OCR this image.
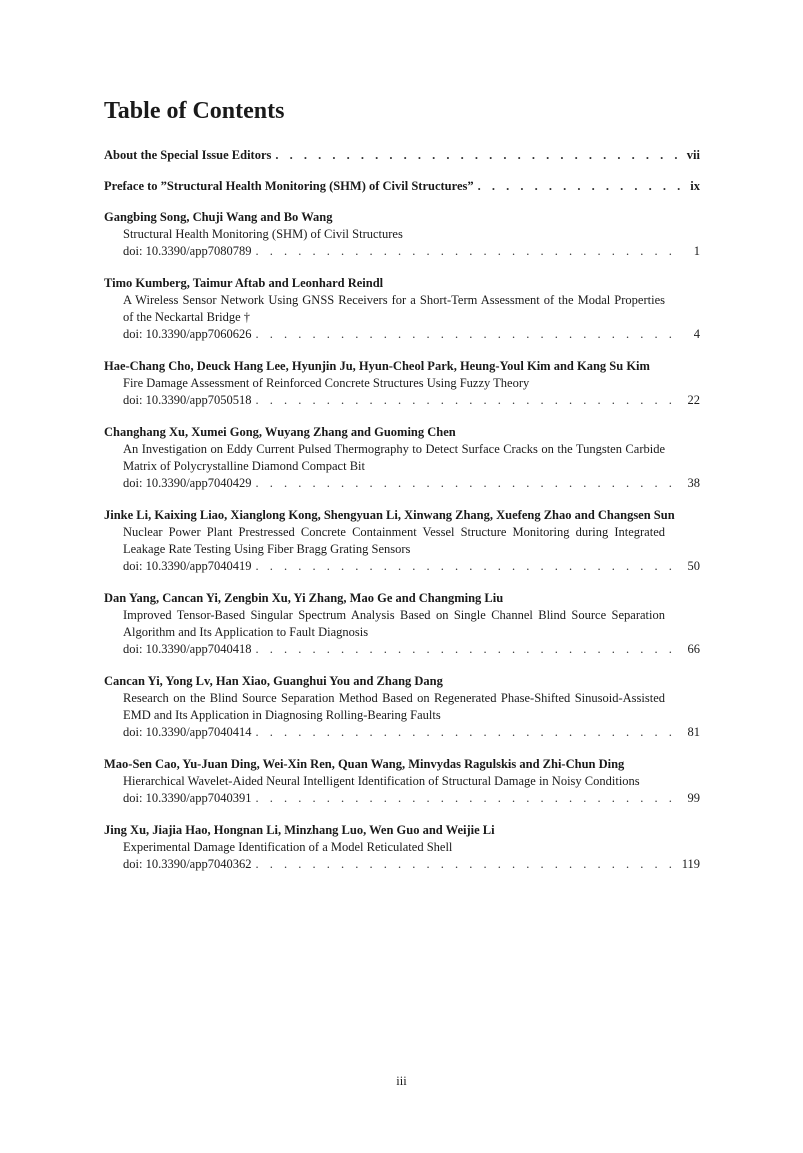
Table of Contents
About the Special Issue Editors . . .	vii
Preface to ”Structural Health Monitoring (SHM) of Civil Structures” . . .	ix
Gangbing Song, Chuji Wang and Bo Wang
Structural Health Monitoring (SHM) of Civil Structures
doi: 10.3390/app7080789 . . .	1
Timo Kumberg, Taimur Aftab and Leonhard Reindl
A Wireless Sensor Network Using GNSS Receivers for a Short-Term Assessment of the Modal Properties of the Neckartal Bridge †
doi: 10.3390/app7060626 . . .	4
Hae-Chang Cho, Deuck Hang Lee, Hyunjin Ju, Hyun-Cheol Park, Heung-Youl Kim and Kang Su Kim
Fire Damage Assessment of Reinforced Concrete Structures Using Fuzzy Theory
doi: 10.3390/app7050518 . . .	22
Changhang Xu, Xumei Gong, Wuyang Zhang and Guoming Chen
An Investigation on Eddy Current Pulsed Thermography to Detect Surface Cracks on the Tungsten Carbide Matrix of Polycrystalline Diamond Compact Bit
doi: 10.3390/app7040429 . . .	38
Jinke Li, Kaixing Liao, Xianglong Kong, Shengyuan Li, Xinwang Zhang, Xuefeng Zhao and Changsen Sun
Nuclear Power Plant Prestressed Concrete Containment Vessel Structure Monitoring during Integrated Leakage Rate Testing Using Fiber Bragg Grating Sensors
doi: 10.3390/app7040419 . . .	50
Dan Yang, Cancan Yi, Zengbin Xu, Yi Zhang, Mao Ge and Changming Liu
Improved Tensor-Based Singular Spectrum Analysis Based on Single Channel Blind Source Separation Algorithm and Its Application to Fault Diagnosis
doi: 10.3390/app7040418 . . .	66
Cancan Yi, Yong Lv, Han Xiao, Guanghui You and Zhang Dang
Research on the Blind Source Separation Method Based on Regenerated Phase-Shifted Sinusoid-Assisted EMD and Its Application in Diagnosing Rolling-Bearing Faults
doi: 10.3390/app7040414 . . .	81
Mao-Sen Cao, Yu-Juan Ding, Wei-Xin Ren, Quan Wang, Minvydas Ragulskis and Zhi-Chun Ding
Hierarchical Wavelet-Aided Neural Intelligent Identification of Structural Damage in Noisy Conditions
doi: 10.3390/app7040391 . . .	99
Jing Xu, Jiajia Hao, Hongnan Li, Minzhang Luo, Wen Guo and Weijie Li
Experimental Damage Identification of a Model Reticulated Shell
doi: 10.3390/app7040362 . . .	119
iii
